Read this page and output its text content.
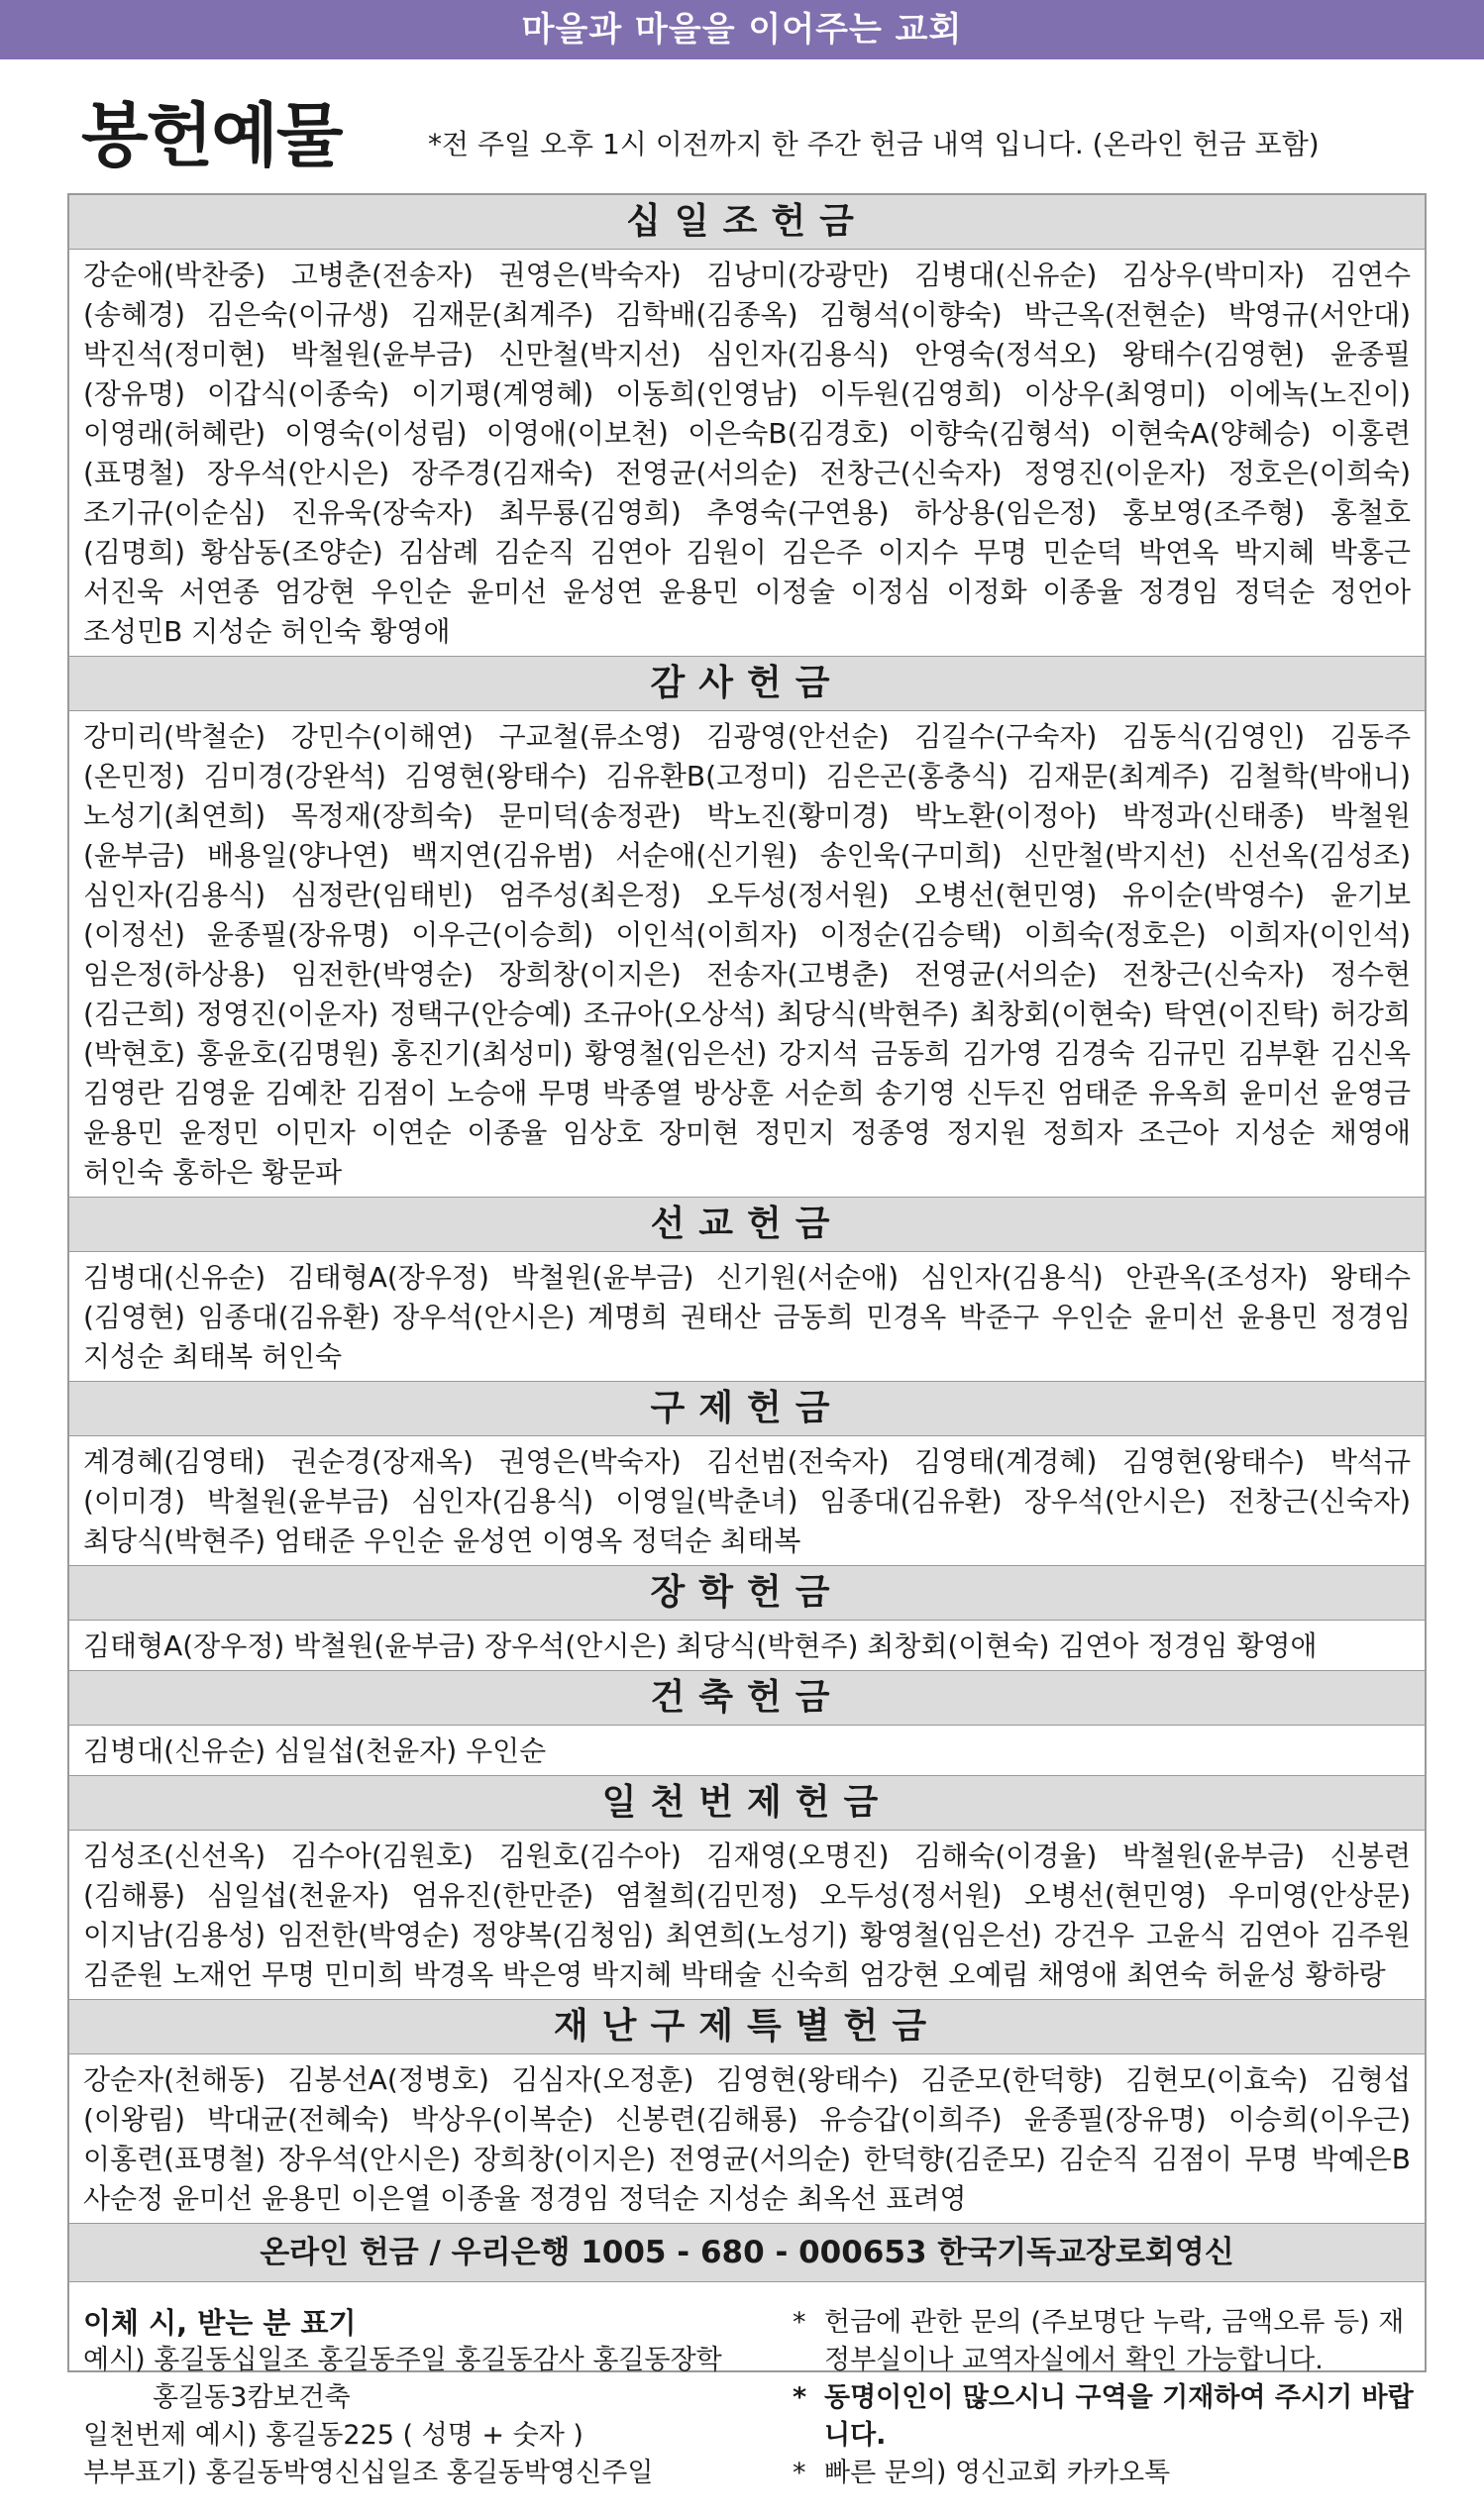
마을과 마을을 이어주는 교회
봉헌예물	*전 주일 오후 1시 이전까지 한 주간 헌금 내역 입니다. (온라인 헌금 포함)
십일조헌금
강순애(박찬중) 고병춘(전송자) 권영은(박숙자) 김낭미(강광만) 김병대(신유순) 김상우(박미자) 김연수(송혜경) 김은숙(이규생) 김재문(최계주) 김학배(김종옥) 김형석(이향숙) 박근옥(전현순) 박영규(서안대) 박진석(정미현) 박철원(윤부금) 신만철(박지선) 심인자(김용식) 안영숙(정석오) 왕태수(김영현) 윤종필(장유명) 이갑식(이종숙) 이기평(계영혜) 이동희(인영남) 이두원(김영희) 이상우(최영미) 이에녹(노진이) 이영래(허혜란) 이영숙(이성림) 이영애(이보천) 이은숙B(김경호) 이향숙(김형석) 이현숙A(양혜승) 이홍련(표명철) 장우석(안시은) 장주경(김재숙) 전영균(서의순) 전창근(신숙자) 정영진(이운자) 정호은(이희숙) 조기규(이순심) 진유욱(장숙자) 최무룡(김영희) 추영숙(구연용) 하상용(임은정) 홍보영(조주형) 홍철호(김명희) 황삼동(조양순) 김삼례 김순직 김연아 김원이 김은주 이지수 무명 민순덕 박연옥 박지혜 박홍근 서진욱 서연종 엄강현 우인순 윤미선 윤성연 윤용민 이정술 이정심 이정화 이종율 정경임 정덕순 정언아 조성민B 지성순 허인숙 황영애
감사헌금
강미리(박철순) 강민수(이해연) 구교철(류소영) 김광영(안선순) 김길수(구숙자) 김동식(김영인) 김동주(온민정) 김미경(강완석) 김영현(왕태수) 김유환B(고정미) 김은곤(홍충식) 김재문(최계주) 김철학(박애니) 노성기(최연희) 목정재(장희숙) 문미덕(송정관) 박노진(황미경) 박노환(이정아) 박정과(신태종) 박철원(윤부금) 배용일(양나연) 백지연(김유범) 서순애(신기원) 송인욱(구미희) 신만철(박지선) 신선옥(김성조) 심인자(김용식) 심정란(임태빈) 엄주성(최은정) 오두성(정서원) 오병선(현민영) 유이순(박영수) 윤기보(이정선) 윤종필(장유명) 이우근(이승희) 이인석(이희자) 이정순(김승택) 이희숙(정호은) 이희자(이인석) 임은정(하상용) 임전한(박영순) 장희창(이지은) 전송자(고병춘) 전영균(서의순) 전창근(신숙자) 정수현(김근희) 정영진(이운자) 정택구(안승예) 조규아(오상석) 최당식(박현주) 최창회(이현숙) 탁연(이진탁) 허강희(박현호) 홍윤호(김명원) 홍진기(최성미) 황영철(임은선) 강지석 금동희 김가영 김경숙 김규민 김부환 김신옥 김영란 김영윤 김예찬 김점이 노승애 무명 박종열 방상훈 서순희 송기영 신두진 엄태준 유옥희 윤미선 윤영금 윤용민 윤정민 이민자 이연순 이종율 임상호 장미현 정민지 정종영 정지원 정희자 조근아 지성순 채영애 허인숙 홍하은 황문파
선교헌금
김병대(신유순) 김태형A(장우정) 박철원(윤부금) 신기원(서순애) 심인자(김용식) 안관옥(조성자) 왕태수(김영현) 임종대(김유환) 장우석(안시은) 계명희 권태산 금동희 민경옥 박준구 우인순 윤미선 윤용민 정경임 지성순 최태복 허인숙
구제헌금
계경혜(김영태) 권순경(장재옥) 권영은(박숙자) 김선범(전숙자) 김영태(계경혜) 김영현(왕태수) 박석규(이미경) 박철원(윤부금) 심인자(김용식) 이영일(박춘녀) 임종대(김유환) 장우석(안시은) 전창근(신숙자) 최당식(박현주) 엄태준 우인순 윤성연 이영옥 정덕순 최태복
장학헌금
김태형A(장우정) 박철원(윤부금) 장우석(안시은) 최당식(박현주) 최창회(이현숙) 김연아 정경임 황영애
건축헌금
김병대(신유순) 심일섭(천윤자) 우인순
일천번제헌금
김성조(신선옥) 김수아(김원호) 김원호(김수아) 김재영(오명진) 김해숙(이경율) 박철원(윤부금) 신봉련(김해룡) 심일섭(천윤자) 엄유진(한만준) 염철희(김민정) 오두성(정서원) 오병선(현민영) 우미영(안상문) 이지남(김용성) 임전한(박영순) 정양복(김청임) 최연희(노성기) 황영철(임은선) 강건우 고윤식 김연아 김주원 김준원 노재언 무명 민미희 박경옥 박은영 박지혜 박태술 신숙희 엄강현 오예림 채영애 최연숙 허윤성 황하랑
재난구제특별헌금
강순자(천해동) 김봉선A(정병호) 김심자(오정훈) 김영현(왕태수) 김준모(한덕향) 김현모(이효숙) 김형섭(이왕림) 박대균(전혜숙) 박상우(이복순) 신봉련(김해룡) 유승갑(이희주) 윤종필(장유명) 이승희(이우근) 이홍련(표명철) 장우석(안시은) 장희창(이지은) 전영균(서의순) 한덕향(김준모) 김순직 김점이 무명 박예은B 사순정 윤미선 윤용민 이은열 이종율 정경임 정덕순 지성순 최옥선 표려영
온라인 헌금 / 우리은행 1005 - 680 - 000653 한국기독교장로회영신
이체 시, 받는 분 표기
예시) 홍길동십일조 홍길동주일 홍길동감사 홍길동장학
홍길동3캄보건축
일천번제 예시) 홍길동225 ( 성명 + 숫자 )
부부표기) 홍길동박영신십일조 홍길동박영신주일
* 헌금에 관한 문의 (주보명단 누락, 금액오류 등) 재정부실이나 교역자실에서 확인 가능합니다.
* 동명이인이 많으시니 구역을 기재하여 주시기 바랍니다.
* 빠른 문의) 영신교회 카카오톡
